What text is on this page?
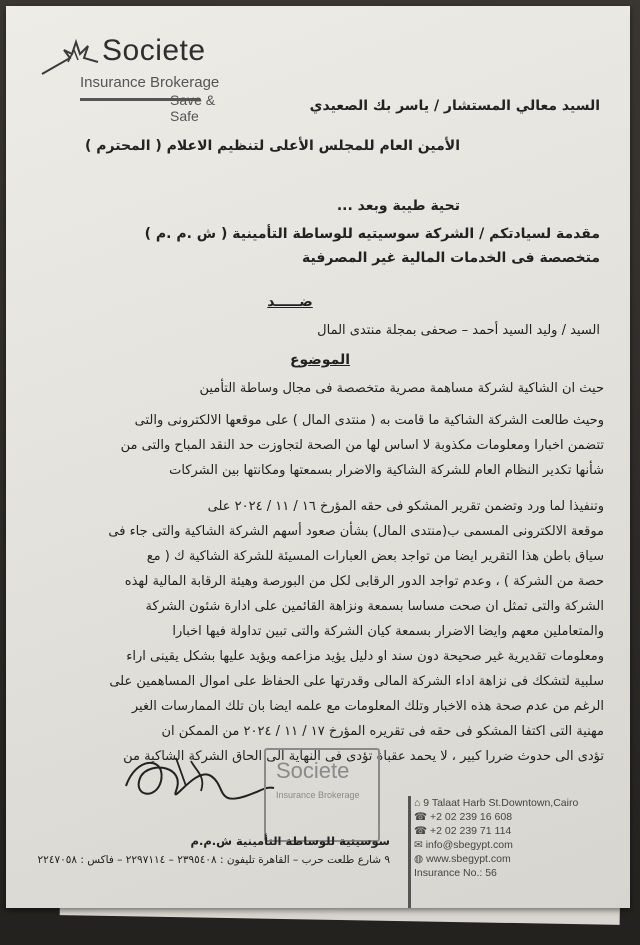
Societe
Insurance Brokerage
Save & Safe
السيد معالي المستشار / ياسر بك الصعيدي
الأمين العام للمجلس الأعلى لتنظيم الاعلام ( المحترم )
تحية طيبة وبعد ...
مقدمة لسيادتكم / الشركة سوسيتيه للوساطة التأمينية ( ش .م .م )
متخصصة فى الخدمات المالية غير المصرفية
ضـــــد
السيد / وليد السيد أحمد – صحفى بمجلة منتدى المال
الموضوع
حيث ان الشاكية لشركة مساهمة مصرية متخصصة فى مجال وساطة التأمين
وحيث طالعت الشركة الشاكية ما قامت به ( منتدى المال ) على موقعها الالكترونى والتى
تتضمن اخبارا ومعلومات مكذوبة لا اساس لها من الصحة لتجاوزت حد النقد المباح والتى من
شأنها تكدير النظام العام للشركة الشاكية والاضرار بسمعتها ومكانتها بين الشركات
وتنفيذا لما ورد وتضمن تقرير المشكو فى حقه المؤرخ ١٦ / ١١ / ٢٠٢٤ على
موقعة الالكترونى المسمى ب(منتدى المال) بشأن صعود أسهم الشركة الشاكية والتى جاء فى
سياق باطن هذا التقرير ايضا من تواجد بعض العبارات المسيئة للشركة الشاكية ك ( مع
حصة من الشركة ) ، وعدم تواجد الدور الرقابى لكل من البورصة وهيئة الرقابة المالية لهذه
الشركة والتى تمثل ان صحت مساسا بسمعة ونزاهة القائمين على ادارة شئون الشركة
والمتعاملين معهم وايضا الاضرار بسمعة كيان الشركة والتى تبين تداولة فيها اخبارا
ومعلومات تقديرية غير صحيحة دون سند او دليل يؤيد مزاعمه ويؤيد عليها بشكل يقينى اراء
سلبية لتشكك فى نزاهة اداء الشركة المالى وقدرتها على الحفاظ على اموال المساهمين على
الرغم من عدم صحة هذه الاخبار وتلك المعلومات مع علمه ايضا بان تلك الممارسات الغير
مهنية التى اكتفا المشكو فى حقه فى تقريره المؤرخ ١٧ / ١١ / ٢٠٢٤ من الممكن ان
تؤدى الى حدوث ضررا كبير ، لا يحمد عقباة تؤدى فى النهاية الى الحاق الشركة الشاكية من
Societe
Insurance Brokerage
⌂ 9 Talaat Harb St.Downtown,Cairo
☎ +2 02 239 16 608
☎ +2 02 239 71 114
✉ info@sbegypt.com
◍ www.sbegypt.com
Insurance No.: 56
سوسيتية للوساطة التأمينية ش.م.م
٩ شارع طلعت حرب – القاهرة تليفون : ٢٣٩٥٤٠٨ – ٢٢٩٧١١٤ – فاكس : ٢٢٤٧٠٥٨
